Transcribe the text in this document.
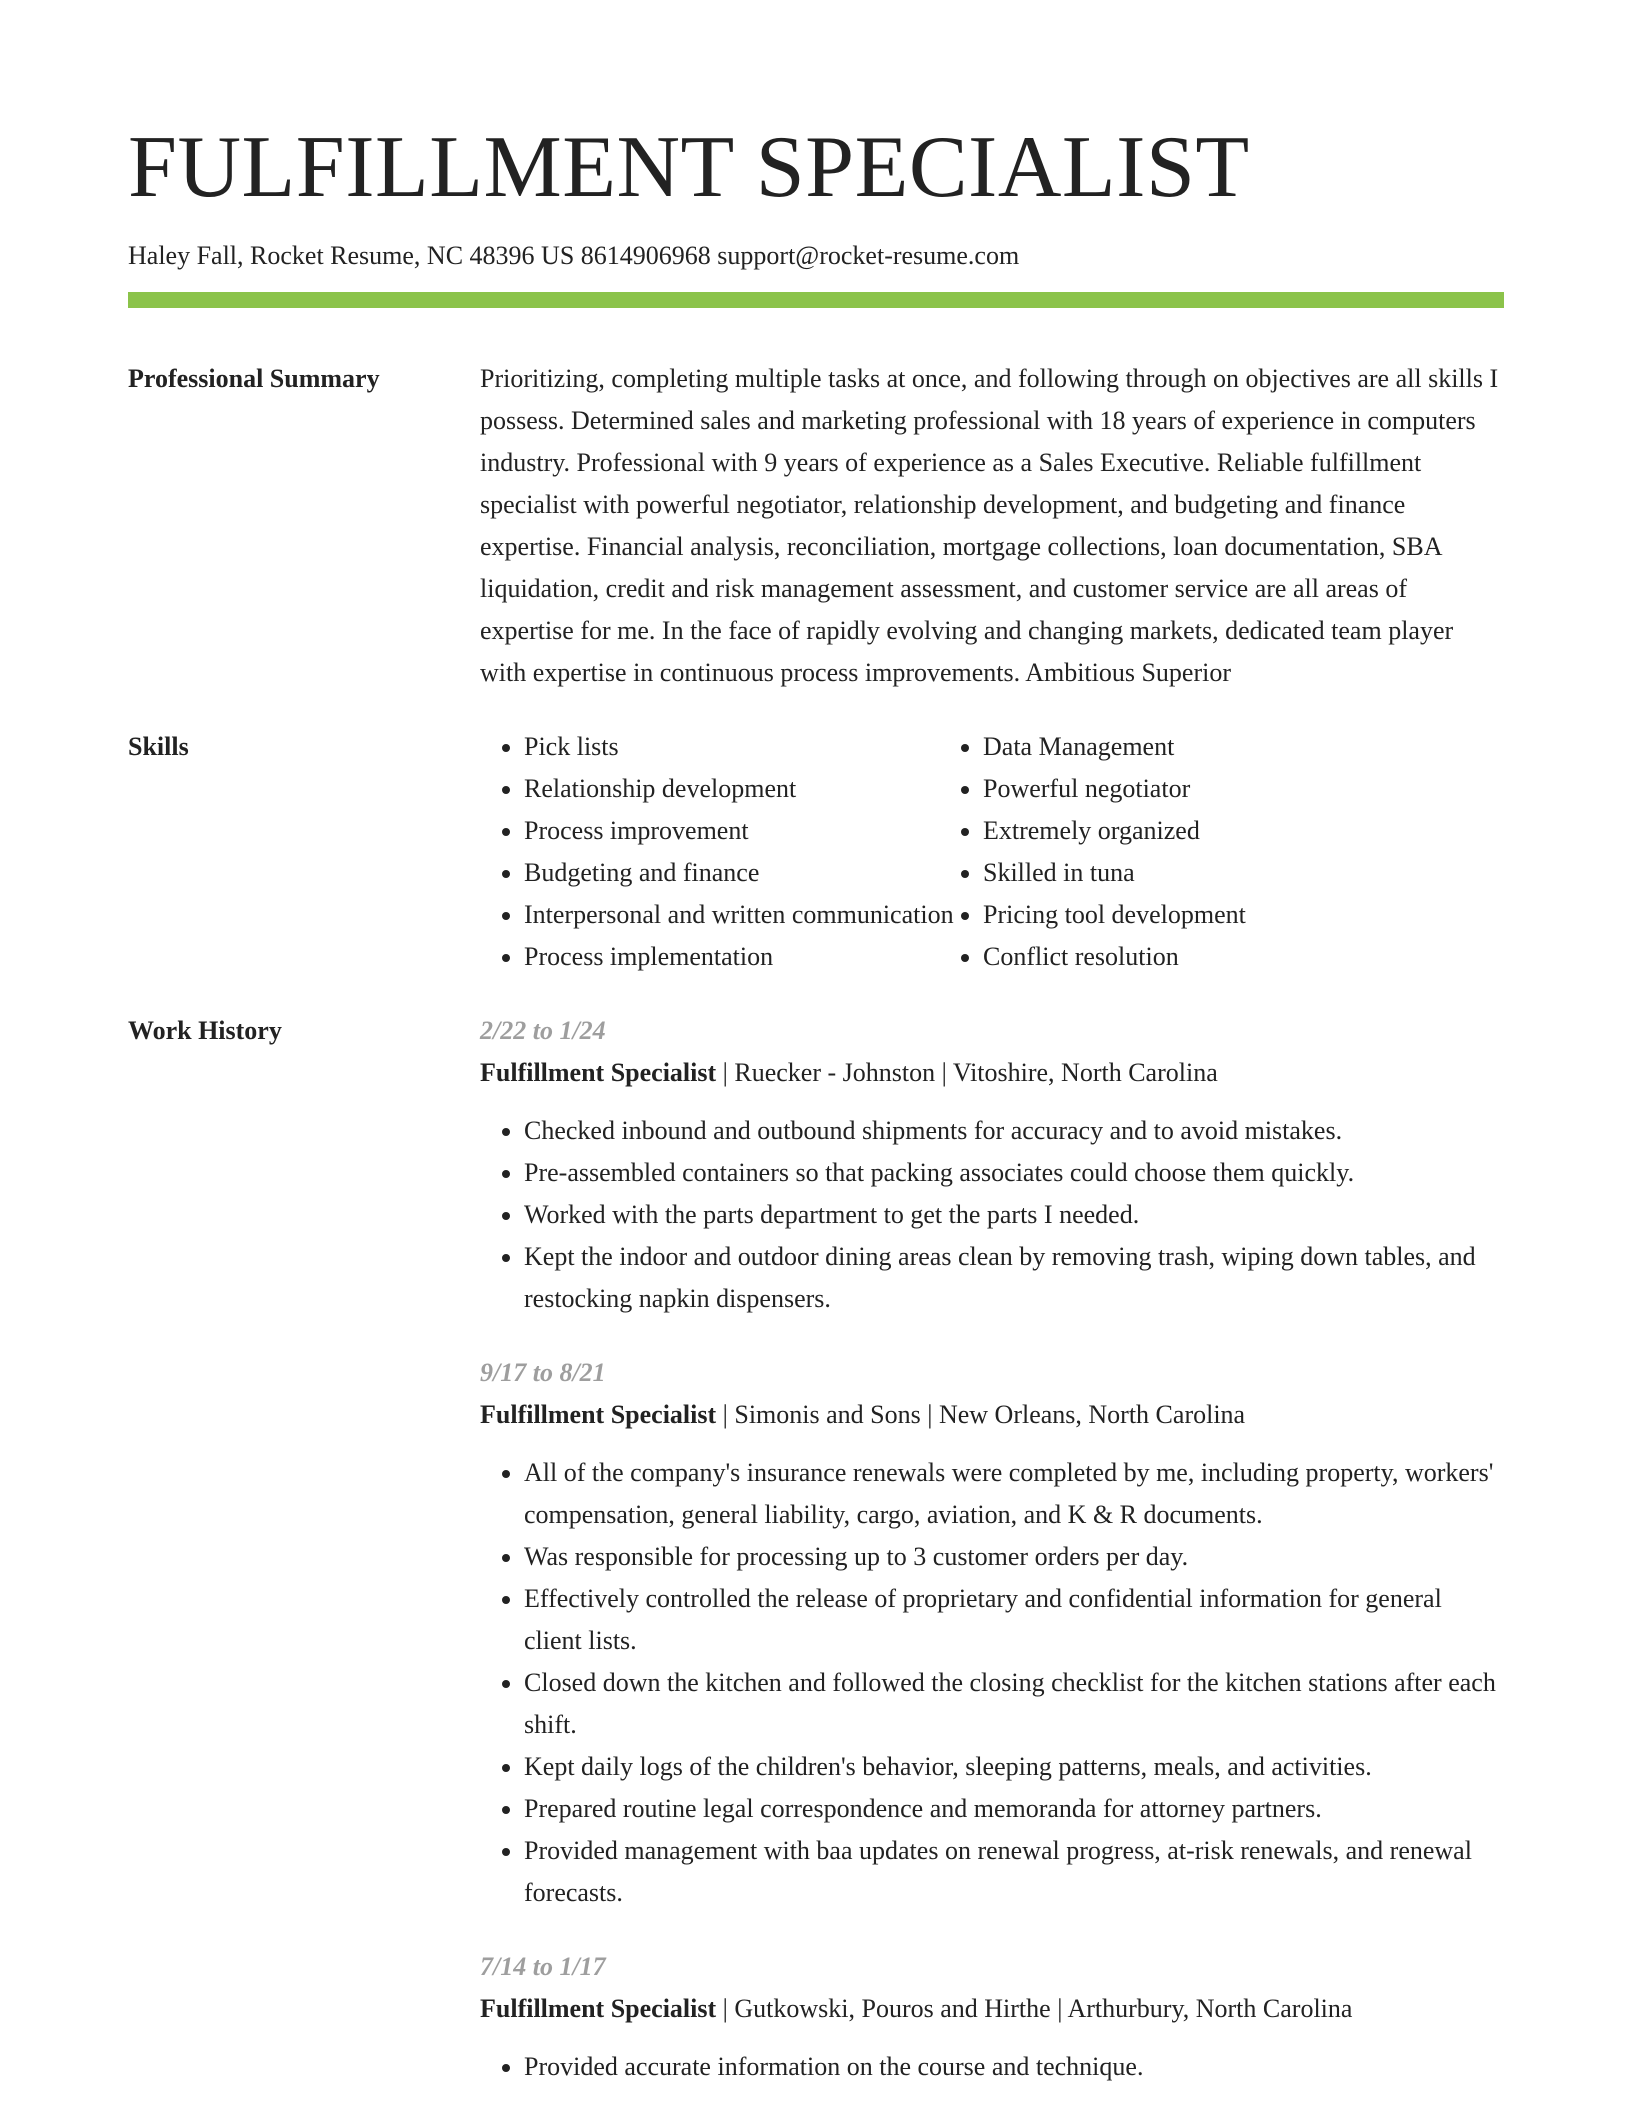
FULFILLMENT SPECIALIST
Haley Fall, Rocket Resume, NC 48396 US 8614906968 support@rocket-resume.com
Professional Summary	Prioritizing, completing multiple tasks at once, and following through on objectives are all skills I possess. Determined sales and marketing professional with 18 years of experience in computers industry. Professional with 9 years of experience as a Sales Executive. Reliable fulfillment specialist with powerful negotiator, relationship development, and budgeting and finance expertise. Financial analysis, reconciliation, mortgage collections, loan documentation, SBA liquidation, credit and risk management assessment, and customer service are all areas of expertise for me. In the face of rapidly evolving and changing markets, dedicated team player with expertise in continuous process improvements. Ambitious Superior
Skills
•	Pick lists
• Relationship development
• Process improvement
• Budgeting and finance
• Interpersonal and written communication
• Process implementation
• Data Management
• Powerful negotiator
• Extremely organized
• Skilled in tuna
• Pricing tool development
• Conflict resolution
Work History	2/22 to 1/24
Fulfillment Specialist | Ruecker - Johnston | Vitoshire, North Carolina
• Checked inbound and outbound shipments for accuracy and to avoid mistakes.
• Pre-assembled containers so that packing associates could choose them quickly.
• Worked with the parts department to get the parts I needed.
• Kept the indoor and outdoor dining areas clean by removing trash, wiping down tables, and restocking napkin dispensers.
9/17 to 8/21
Fulfillment Specialist | Simonis and Sons | New Orleans, North Carolina
• All of the company's insurance renewals were completed by me, including property, workers' compensation, general liability, cargo, aviation, and K & R documents.
• Was responsible for processing up to 3 customer orders per day.
• Effectively controlled the release of proprietary and confidential information for general client lists.
• Closed down the kitchen and followed the closing checklist for the kitchen stations after each shift.
• Kept daily logs of the children's behavior, sleeping patterns, meals, and activities.
• Prepared routine legal correspondence and memoranda for attorney partners.
• Provided management with baa updates on renewal progress, at-risk renewals, and renewal forecasts.
7/14 to 1/17
Fulfillment Specialist | Gutkowski, Pouros and Hirthe | Arthurbury, North Carolina
• Provided accurate information on the course and technique.
